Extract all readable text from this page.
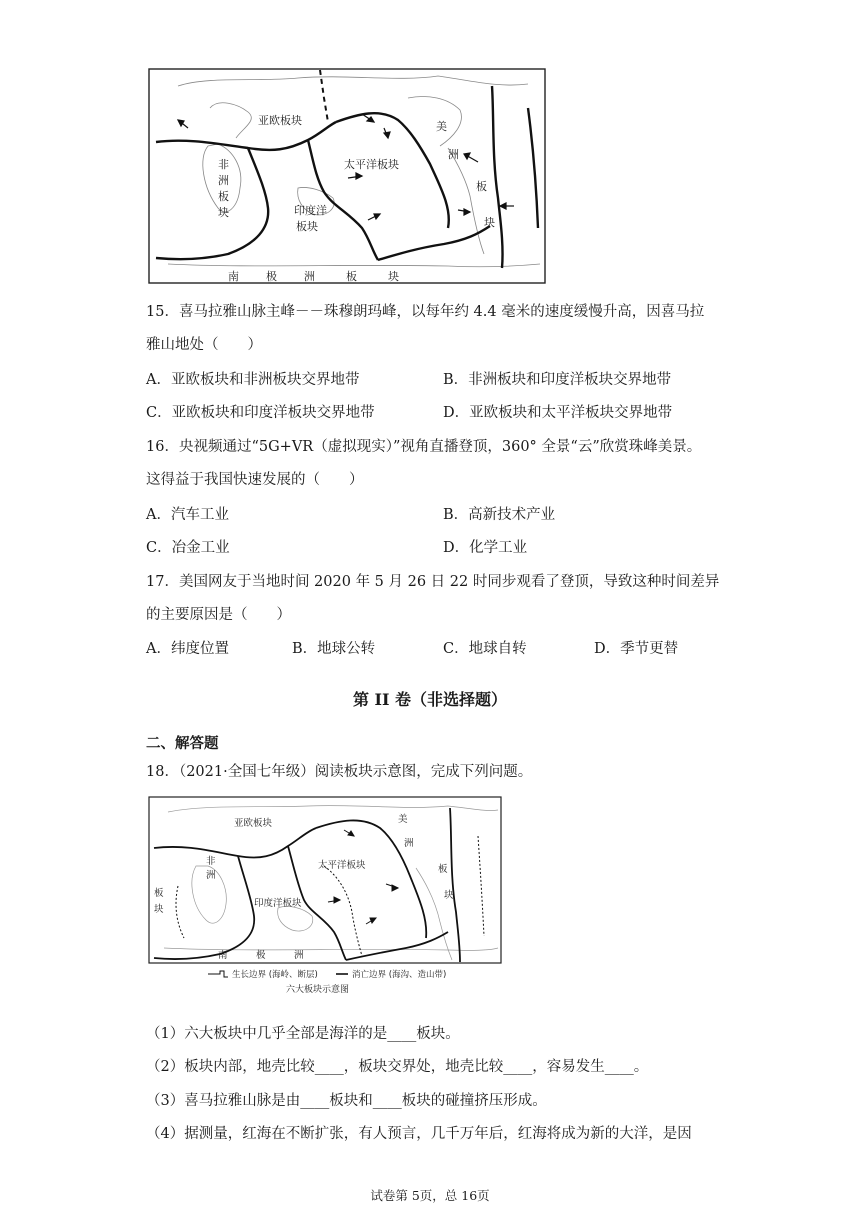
亚欧板块
非
洲
板
块	印度洋
板块
太平洋板块
美
洲
板
块
南 极 洲	板	块
15．喜马拉雅山脉主峰－－珠穆朗玛峰，以每年约 4.4 毫米的速度缓慢升高，因喜马拉
雅山地处（　　）
A．亚欧板块和非洲板块交界地带	B．非洲板块和印度洋板块交界地带
C．亚欧板块和印度洋板块交界地带	D．亚欧板块和太平洋板块交界地带
16．央视频通过“5G+VR（虚拟现实）”视角直播登顶，360° 全景“云”欣赏珠峰美景。
这得益于我国快速发展的（　　）
A．汽车工业	B．高新技术产业
C．冶金工业	D．化学工业
17．美国网友于当地时间 2020 年 5 月 26 日 22 时同步观看了登顶，导致这种时间差异
的主要原因是（　　）
A．纬度位置	B．地球公转	C．地球自转	D．季节更替
第 II 卷（非选择题）
二、解答题
18．（2021·全国七年级）阅读板块示意图，完成下列问题。
亚欧板块
非
洲
板
块
印度洋板块
太平洋板块
美
洲
板
块
南	极	洲
生长边界 (海岭、断层)	消亡边界 (海沟、造山带)
六大板块示意图
（1）六大板块中几乎全部是海洋的是____板块。
（2）板块内部，地壳比较____，板块交界处，地壳比较____，容易发生____。
（3）喜马拉雅山脉是由____板块和____板块的碰撞挤压形成。
（4）据测量，红海在不断扩张，有人预言，几千万年后，红海将成为新的大洋，是因
试卷第 5页，总 16页
